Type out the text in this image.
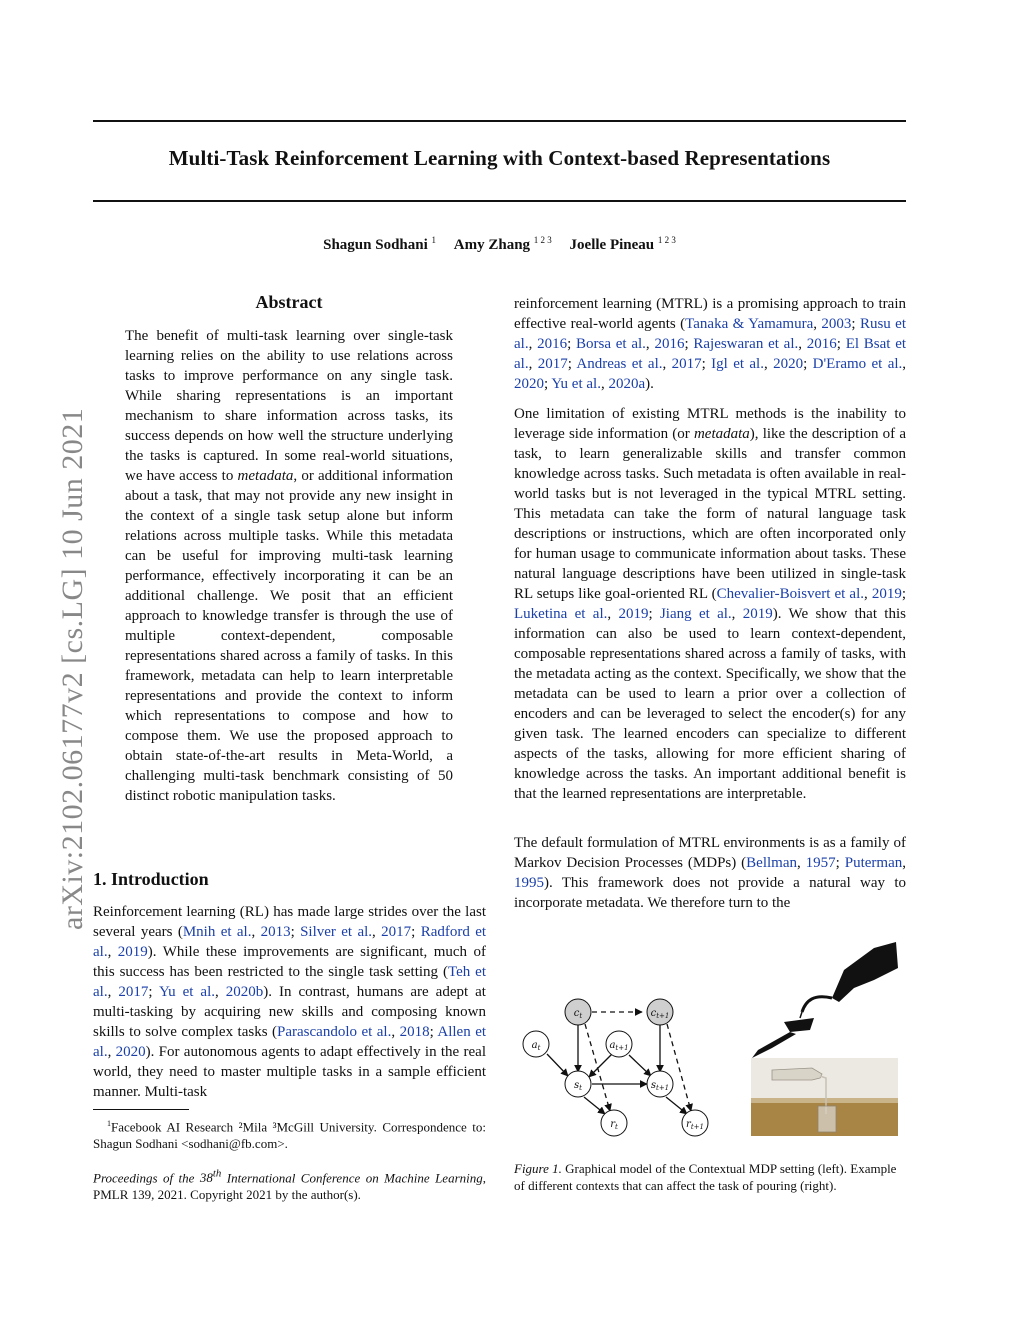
Multi-Task Reinforcement Learning with Context-based Representations
Shagun Sodhani $^1$ Amy Zhang $^{1 2 3}$ Joelle Pineau $^{1 2 3}$
arXiv:2102.06177v2 [cs.LG] 10 Jun 2021
Abstract

The benefit of multi-task learning over single-task learning relies on the ability to use relations across tasks to improve performance on any single task. While sharing representations is an important mechanism to share information across tasks, its success depends on how well the structure underlying the tasks is captured. In some real-world situations, we have access to metadata, or additional information about a task, that may not provide any new insight in the context of a single task setup alone but inform relations across multiple tasks. While this metadata can be useful for improving multi-task learning performance, effectively incorporating it can be an additional challenge. We posit that an efficient approach to knowledge transfer is through the use of multiple context-dependent, composable representations shared across a family of tasks. In this framework, metadata can help to learn interpretable representations and provide the context to inform which representations to compose and how to compose them. We use the proposed approach to obtain state-of-the-art results in Meta-World, a challenging multi-task benchmark consisting of 50 distinct robotic manipulation tasks.

1. Introduction

Reinforcement learning (RL) has made large strides over the last several years (Mnih et al., 2013; Silver et al., 2017; Radford et al., 2019). While these improvements are significant, much of this success has been restricted to the single task setting (Teh et al., 2017; Yu et al., 2020b). In contrast, humans are adept at multi-tasking by acquiring new skills and composing known skills to solve complex tasks (Parascandolo et al., 2018; Allen et al., 2020). For autonomous agents to adapt effectively in the real world, they need to master multiple tasks in a sample efficient manner. Multi-task

$^1$Facebook AI Research ²Mila ³McGill University. Correspondence to: Shagun Sodhani <sodhani@fb.com>.
Proceedings of the 38th International Conference on Machine Learning, PMLR 139, 2021. Copyright 2021 by the author(s).

reinforcement learning (MTRL) is a promising approach to train effective real-world agents (Tanaka & Yamamura, 2003; Rusu et al., 2016; Borsa et al., 2016; Rajeswaran et al., 2016; El Bsat et al., 2017; Andreas et al., 2017; Igl et al., 2020; D'Eramo et al., 2020; Yu et al., 2020a).

One limitation of existing MTRL methods is the inability to leverage side information (or metadata), like the description of a task, to learn generalizable skills and transfer common knowledge across tasks. Such metadata is often available in real-world tasks but is not leveraged in the typical MTRL setting. This metadata can take the form of natural language task descriptions or instructions, which are often incorporated only for human usage to communicate information about tasks. These natural language descriptions have been utilized in single-task RL setups like goal-oriented RL (Chevalier-Boisvert et al., 2019; Luketina et al., 2019; Jiang et al., 2019). We show that this information can also be used to learn context-dependent, composable representations shared across a family of tasks, with the metadata acting as the context. Specifically, we show that the metadata can be used to learn a prior over a collection of encoders and can be leveraged to select the encoder(s) for any given task. The learned encoders can specialize to different aspects of the tasks, allowing for more efficient sharing of knowledge across the tasks. An important additional benefit is that the learned representations are interpretable.

The default formulation of MTRL environments is as a family of Markov Decision Processes (MDPs) (Bellman, 1957; Puterman, 1995). This framework does not provide a natural way to incorporate metadata. We therefore turn to the

$c_t$	$c_{t+1}$
$a_t$	$a_{t+1}$
$s_t$	$s_{t+1}$
$r_t$	$r_{t+1}$
Figure 1. Graphical model of the Contextual MDP setting (left). Example of different contexts that can affect the task of pouring (right).
